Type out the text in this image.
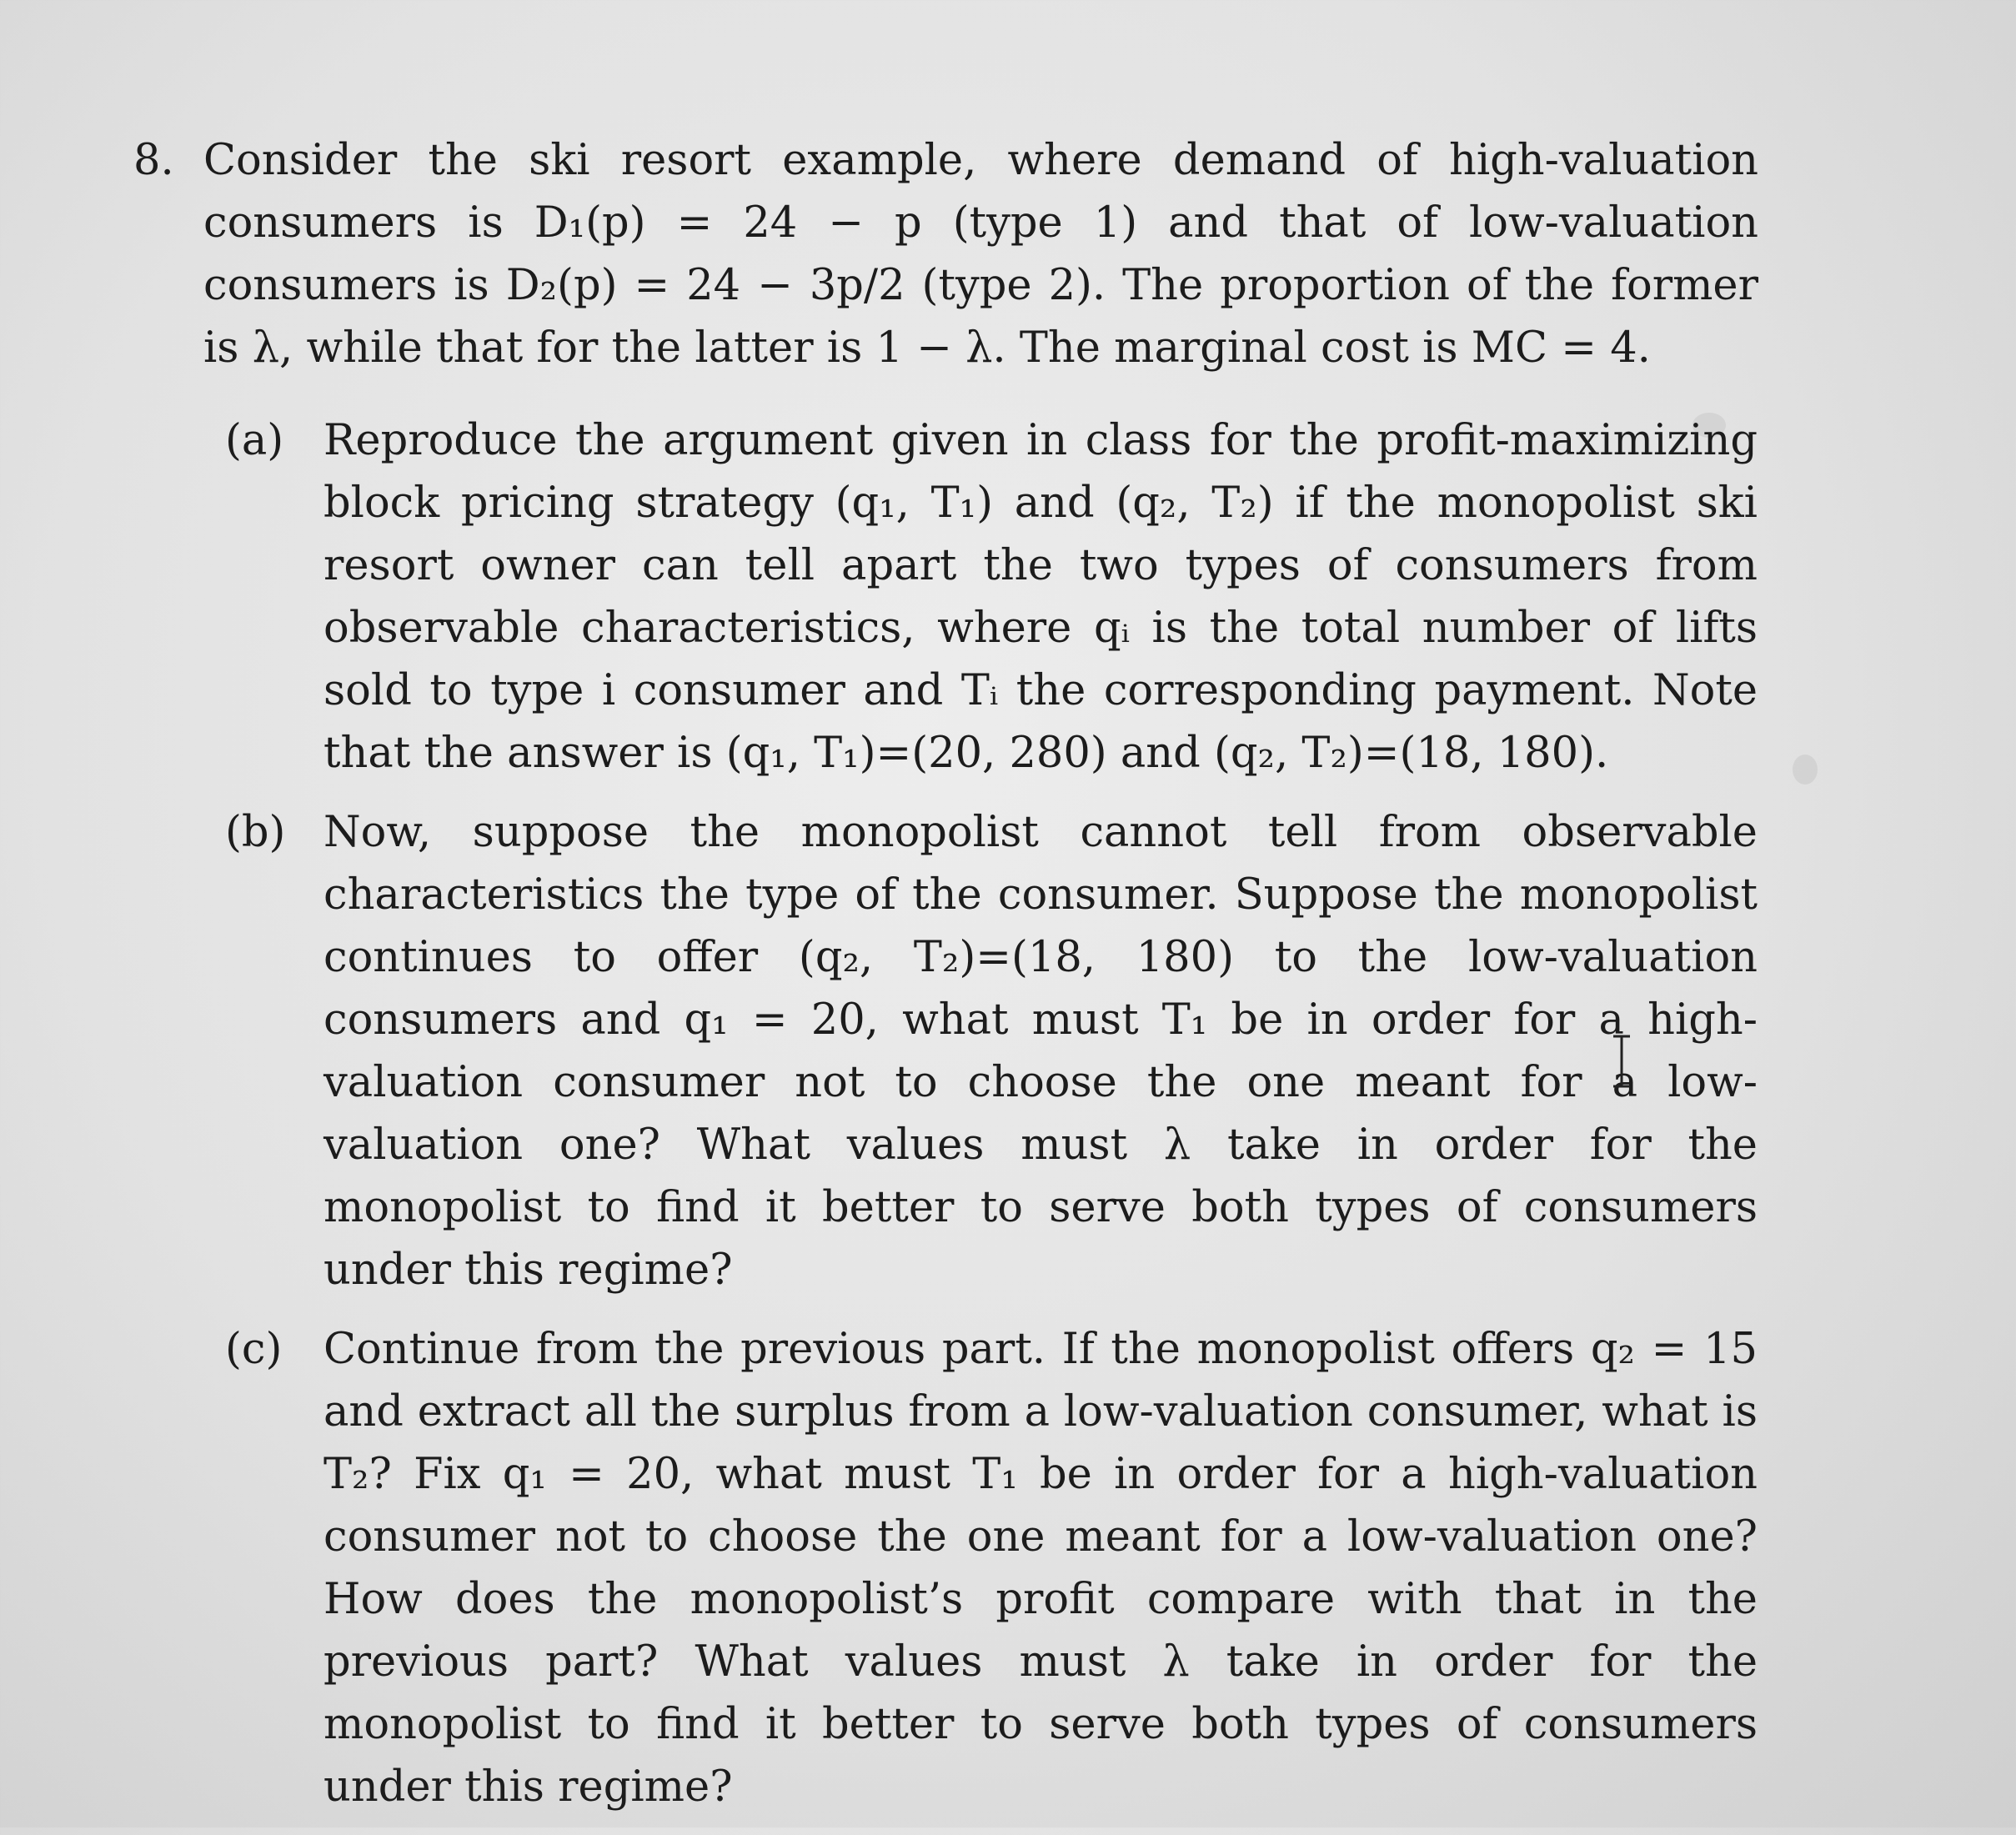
8. Consider the ski resort example, where demand of high-valuation consumers is D₁(p) = 24 − p (type 1) and that of low-valuation consumers is D₂(p) = 24 − 3p/2 (type 2). The proportion of the former is λ, while that for the latter is 1 − λ. The marginal cost is MC = 4.
(a) Reproduce the argument given in class for the profit-maximizing block pricing strategy (q₁, T₁) and (q₂, T₂) if the monopolist ski resort owner can tell apart the two types of consumers from observable characteristics, where qᵢ is the total number of lifts sold to type i consumer and Tᵢ the corresponding payment. Note that the answer is (q₁, T₁)=(20, 280) and (q₂, T₂)=(18, 180).
(b) Now, suppose the monopolist cannot tell from observable characteristics the type of the consumer. Suppose the monopolist continues to offer (q₂, T₂)=(18, 180) to the low-valuation consumers and q₁ = 20, what must T₁ be in order for a high-valuation consumer not to choose the one meant for a low-valuation one? What values must λ take in order for the monopolist to find it better to serve both types of consumers under this regime?
(c) Continue from the previous part. If the monopolist offers q₂ = 15 and extract all the surplus from a low-valuation consumer, what is T₂? Fix q₁ = 20, what must T₁ be in order for a high-valuation consumer not to choose the one meant for a low-valuation one? How does the monopolist’s profit compare with that in the previous part? What values must λ take in order for the monopolist to find it better to serve both types of consumers under this regime?
